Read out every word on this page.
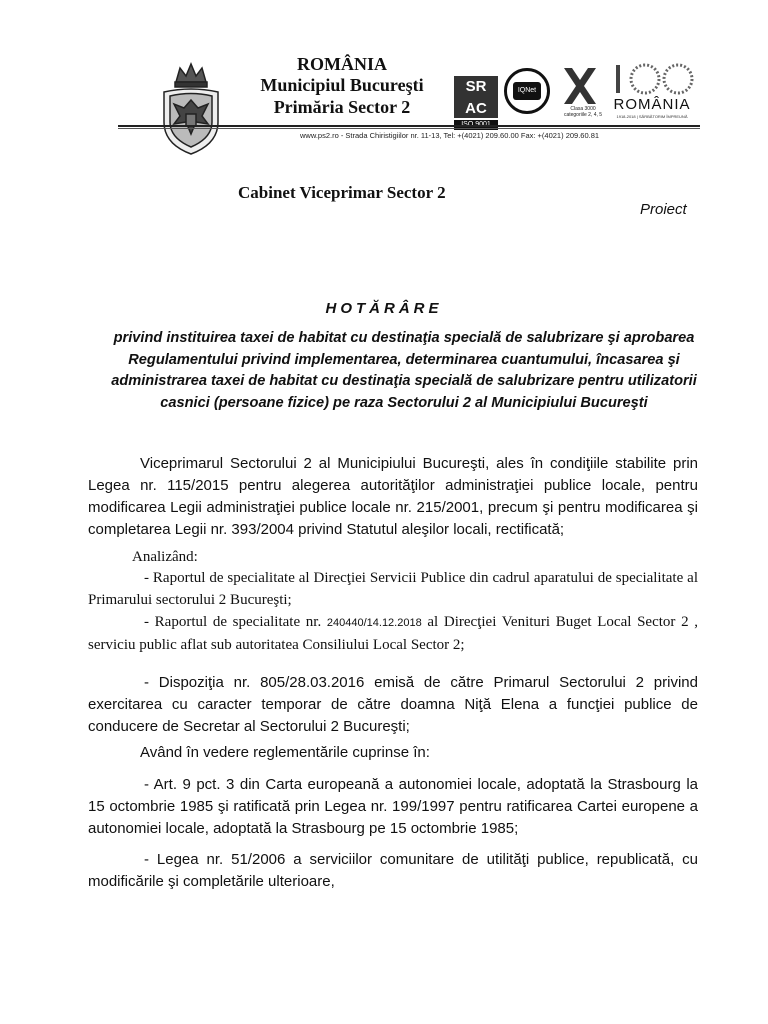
ROMÂNIA
Municipiul Bucureşti
Primăria Sector 2
SR AC
IQNet
Clasa 3000 categoriile 2, 4, 5
ROMÂNIA
1918-2018 | SĂRBĂTORIM ÎMPREUNĂ
www.ps2.ro - Strada Chiristigiilor nr. 11-13, Tel: +(4021) 209.60.00 Fax: +(4021) 209.60.81
Cabinet Viceprimar Sector 2
Proiect
HOTĂRÂRE
privind instituirea taxei de habitat cu destinaţia specială de salubrizare şi aprobarea Regulamentului privind implementarea, determinarea cuantumului, încasarea şi administrarea taxei de habitat cu destinaţia specială de salubrizare pentru utilizatorii casnici (persoane fizice) pe raza Sectorului 2 al Municipiului Bucureşti
Viceprimarul Sectorului 2 al Municipiului Bucureşti, ales în condiţiile stabilite prin Legea nr. 115/2015 pentru alegerea autorităţilor administraţiei publice locale, pentru modificarea Legii administraţiei publice locale nr. 215/2001, precum şi pentru modificarea şi completarea Legii nr. 393/2004 privind Statutul aleşilor locali, rectificată;
Analizând:
- Raportul de specialitate al Direcţiei Servicii Publice din cadrul aparatului de specialitate al Primarului sectorului 2 Bucureşti;
- Raportul de specialitate nr. 240440/14.12.2018 al Direcţiei Venituri Buget Local Sector 2 , serviciu public aflat sub autoritatea Consiliului Local Sector 2;
- Dispoziţia nr. 805/28.03.2016 emisă de către Primarul Sectorului 2 privind exercitarea cu caracter temporar de către doamna Niţă Elena a funcţiei publice de conducere de Secretar al Sectorului 2 Bucureşti;
Având în vedere reglementările cuprinse în:
- Art. 9 pct. 3 din Carta europeană a autonomiei locale, adoptată la Strasbourg la 15 octombrie 1985 şi ratificată prin Legea nr. 199/1997 pentru ratificarea Cartei europene a autonomiei locale, adoptată la Strasbourg pe 15 octombrie 1985;
- Legea nr. 51/2006 a serviciilor comunitare de utilităţi publice, republicată, cu modificările şi completările ulterioare,
